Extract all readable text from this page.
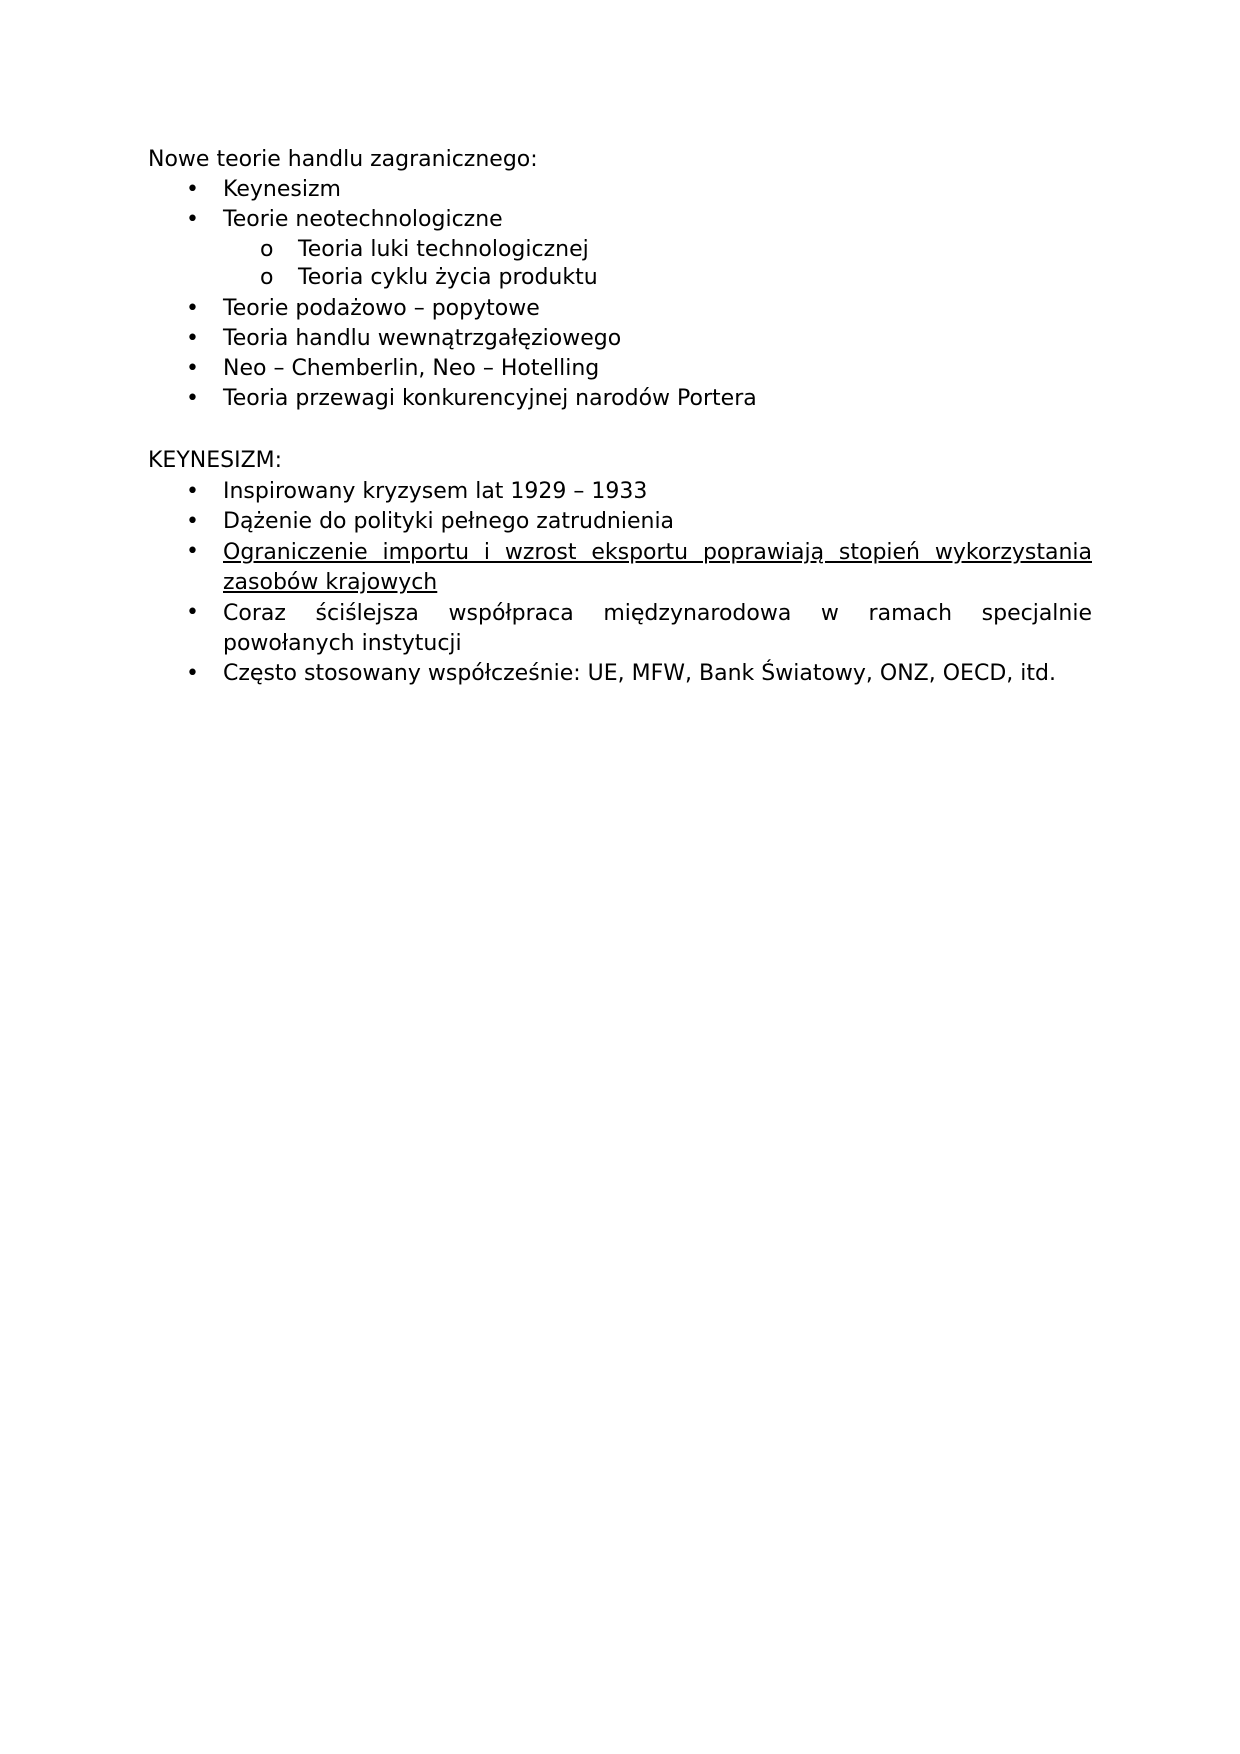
Nowe teorie handlu zagranicznego:
• Keynesizm
• Teorie neotechnologiczne
o Teoria luki technologicznej
o Teoria cyklu życia produktu
• Teorie podażowo – popytowe
• Teoria handlu wewnątrzgałęziowego
• Neo – Chemberlin, Neo – Hotelling
• Teoria przewagi konkurencyjnej narodów Portera
KEYNESIZM:
• Inspirowany kryzysem lat 1929 – 1933
• Dążenie do polityki pełnego zatrudnienia
• Ograniczenie importu i wzrost eksportu poprawiają stopień wykorzystania
zasobów krajowych
• Coraz ściślejsza współpraca międzynarodowa w ramach specjalnie
powołanych instytucji
• Często stosowany współcześnie: UE, MFW, Bank Światowy, ONZ, OECD, itd.
